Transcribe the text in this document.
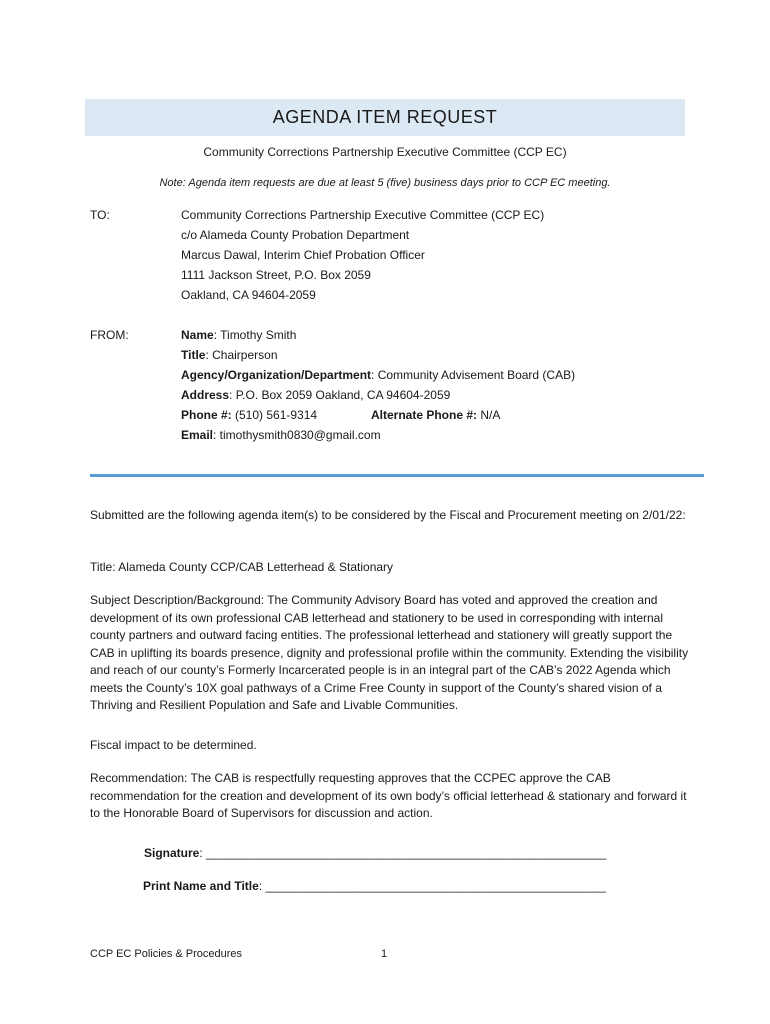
AGENDA ITEM REQUEST
Community Corrections Partnership Executive Committee (CCP EC)
Note: Agenda item requests are due at least 5 (five) business days prior to CCP EC meeting.
TO:	Community Corrections Partnership Executive Committee (CCP EC)
c/o Alameda County Probation Department
Marcus Dawal, Interim Chief Probation Officer
1111 Jackson Street, P.O. Box 2059
Oakland, CA 94604-2059
FROM:	Name: Timothy Smith
Title: Chairperson
Agency/Organization/Department: Community Advisement Board (CAB)
Address: P.O. Box 2059 Oakland, CA 94604-2059
Phone #: (510) 561-9314	Alternate Phone #: N/A
Email: timothysmith0830@gmail.com
Submitted are the following agenda item(s) to be considered by the Fiscal and Procurement meeting on 2/01/22:
Title: Alameda County CCP/CAB Letterhead & Stationary
Subject Description/Background: The Community Advisory Board has voted and approved the creation and development of its own professional CAB letterhead and stationery to be used in corresponding with internal county partners and outward facing entities. The professional letterhead and stationery will greatly support the CAB in uplifting its boards presence, dignity and professional profile within the community. Extending the visibility and reach of our county’s Formerly Incarcerated people is in an integral part of the CAB’s 2022 Agenda which meets the County’s 10X goal pathways of a Crime Free County in support of the County’s shared vision of a Thriving and Resilient Population and Safe and Livable Communities.
Fiscal impact to be determined.
Recommendation: The CAB is respectfully requesting approves that the CCPEC approve the CAB recommendation for the creation and development of its own body’s official letterhead & stationary and forward it to the Honorable Board of Supervisors for discussion and action.
Signature: ____________________________________________________________
Print Name and Title: ___________________________________________________
CCP EC Policies & Procedures	1
